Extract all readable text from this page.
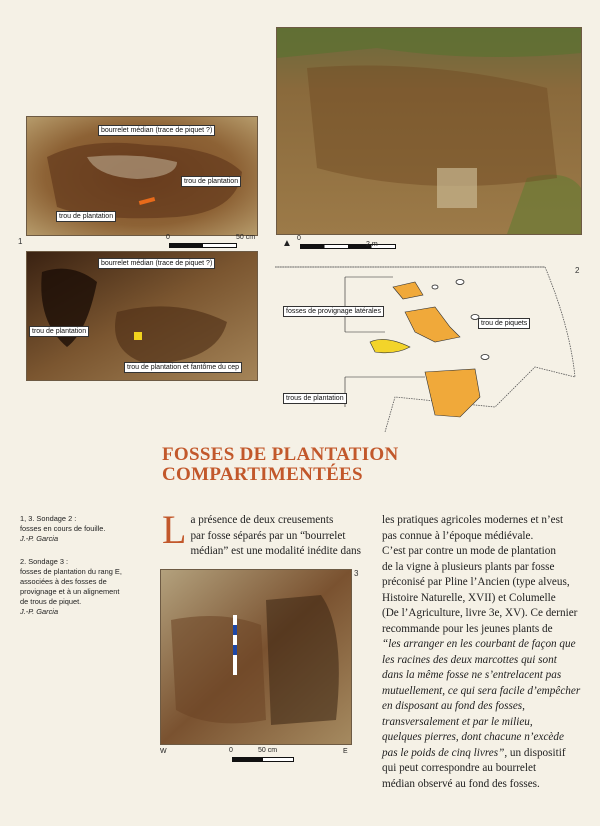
bourrelet médian (trace de piquet ?)
trou de plantation
trou de plantation
1	0	50 cm
bourrelet médian (trace de piquet ?)
trou de plantation
trou de plantation et fantôme du cep
▲ 0
2 m
fosses de provignage latérales
trou de piquets
trous de plantation
2
FOSSES DE PLANTATION
COMPARTIMENTÉES
1, 3. Sondage 2 :
fosses en cours de fouille.
J.-P. Garcia
2. Sondage 3 :
fosses de plantation du rang E,
associées à des fosses de
provignage et à un alignement
de trous de piquet.
J.-P. Garcia
L a présence de deux creusements
par fosse séparés par un “bourrelet
médian” est une modalité inédite dans
3
W	E
0	50 cm

les pratiques agricoles modernes et n’est

pas connue à l’époque médiévale.

C’est par contre un mode de plantation

de la vigne à plusieurs plants par fosse

préconisé par Pline l’Ancien (type alveus,

Histoire Naturelle, XVII) et Columelle

(De l’Agriculture, livre 3e, XV). Ce dernier

recommande pour les jeunes plants de

“les arranger en les courbant de façon que

les racines des deux marcottes qui sont

dans la même fosse ne s’entrelacent pas

mutuellement, ce qui sera facile d’empêcher

en disposant au fond des fosses,

transversalement et par le milieu,

quelques pierres, dont chacune n’excède

pas le poids de cinq livres”, un dispositif

qui peut correspondre au bourrelet

médian observé au fond des fosses.
